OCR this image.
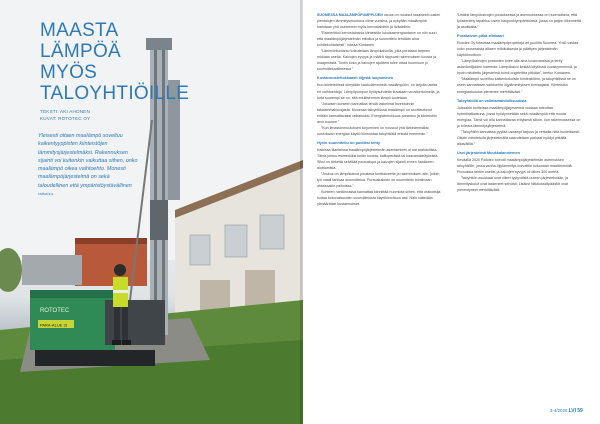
ROTOTEC
PARA-ALUE 3t
MAASTA
LÄMPÖÄ
MYÖS
TALOYHTIÖILLE
TEKSTI: AKI AHONEN
KUVAT: ROTOTEC OY
Yleisesti ottaen maalämpö soveltuu kaikentyyppisten kiinteistöjen lämmitysjärjestelmäksi. Rakennuksen sijainti voi kuitenkin vaikuttaa siihen, onko maalämpö oikea vaihtoehto. Monesti maalämpöjärjestelmä on sekä taloudellinen että ympäristöystävällinen ratkaisu.

SUOMESSA MAALÄMPÖPUMPPUJEN osuus on noussut tasaisesti uusien pientalojen lämmitysmuotona viime vuosina, ja nykyään maalämpöä harkitaan yhä useammin myös kerrostaloihin ja rivitaloihin.

”Esimerkiksi kerrostaloissa kiinteistön lukuisaenergiantarve on niin suuri, että maalämpöjärjestelmän mitoitus ja suunnittelu tehdään aina kohdekohtaisesti”, toteaa Kuntanen.

”Lämmöntuotanto toteutetaan lämpökaivoilla, joita porataan tarpeen mukaan useita. Kaivojen syvyys ja määrä riippuvat rakennuksen koosta ja maaperästä. Tontin koko ja kaivojen sijoittelu tulee ottaa huomioon jo suunnitteluvaiheessa.”

Kustannustehokkaasti öljystä luopuminen

Kun kiinteistössä siirrytään kaukolämmöstä maalämpöön, on tarjolla useita eri vaihtoehtoja. Lämpöpumpun hyötysuhdetta kuvataan vuosikertoimella, ja kuta suurempi se on, sitä edullisemmin lämpö tuotetaan.

”Jokaisen kohteen kannattaa tehdä laskelmat investoinnin takaisinmaksuajasta. Monessa taloyhtiössä maalämpö on osoittautunut erittäin kannattavaksi ratkaisuksi. Energiatehokkuus parantuu ja kiinteistön arvo nousee.”

”Kun ilmastonmuutoksen torjuminen on noussut yhä tärkeämmäksi, uusiutuvan energian käyttö kiinnostaa taloyhtiöitä entistä enemmän.”

Hyvin suunniteltu on puoliksi tehty

Kaikissa tilanteissa maalämpöjärjestelmän asentaminen ei ole mahdollista. Tämä johtuu esimerkiksi tontin koosta, kallioperästä tai kaavamääräyksistä. Siksi on tärkeää selvittää porauslupa ja kaivojen sijainti ennen hankkeen aloittamista.

”Joskus on lämpökaivot poratava tonttialueelle ja rakennuksen alle, jolloin työ vaatii tarkkaa suunnittelua. Porauskalusto on suunniteltu toimimaan ahtaissakin paikoissa.”

Kohteen hankinnassa kannattaa kiinnittää huomiota siihen, että urakoitsija hoitaa kokonaisuuden suunnittelusta käyttöönottoon asti. Näin vältetään ylimääräiset kustannukset.

”Lisäksi lämpökaivojen porauksessa ja asennuksessa on huomioitava, että työskentely tapahtuu usein kaupunkiympäristössä, jossa on paljon liikennettä ja asukkaita.”

Porakaivon pitkä elinkaari

Rototec Oy toteuttaa maalämpöprojekteja eri puolilla Suomea. Yhtiö vastaa koko prosessista alkaen mitoituksesta ja päättyen järjestelmän käyttöönottoon.

”Lämpökaivojen porausten tulee olla aina luvanvaraisia ja tehty asiantuntijoiden toimesta. Lämpökaivo kestää käytössä vuosikymmeniä, ja hyvin mitoitettu järjestelmä toimii ongelmitta pitkään”, kertoo Kuntanen.

”Maalämpö soveltuu kaikenkokoisiin kiinteistöihin, ja taloyhtiöissä se on usein kannattavin vaihtoehto öljylämmityksen korvaajaksi. Kiinteistön energiankulutus pienenee merkittävästi.”

Taloyhtiöllä on valintamahdollisuuksia

Joissakin kohteissa maalämpöjärjestelmä voidaan toteuttaa hybridiratkaisuna, jossa hyödynnetään sekä maalämpöä että muuta energiaa. Tämä voi olla kannattavaa erityisesti silloin, kun rakennuksessa on jo toimiva lämmitysjärjestelmä.

”Taloyhtiön kannattaa pyytää useampi tarjous ja vertailla niitä huolellisesti. Oikein mitoitetulla järjestelmällä saavutetaan parhaat hyödyt pitkällä aikavälillä.”

Usei järjestelmä Muukkalanniemen

Keväällä 2020 Rototec toteutti maalämpöjärjestelmän asennuksen taloyhtiölle, jossa vanha öljylämmitys korvattiin kokonaan maalämmöllä. Porauksia tehtiin useita, ja kaivojen syvyys oli lähes 300 metriä.

Taloyhtiön asukkaat ovat olleet tyytyväisiä uuteen järjestelmään, ja lämmityskulut ovat laskeneet selvästi. Lisäksi hiilidioksidipäästöt ovat pienentyneet merkittävästi.

3-4/2020 LVI 59
